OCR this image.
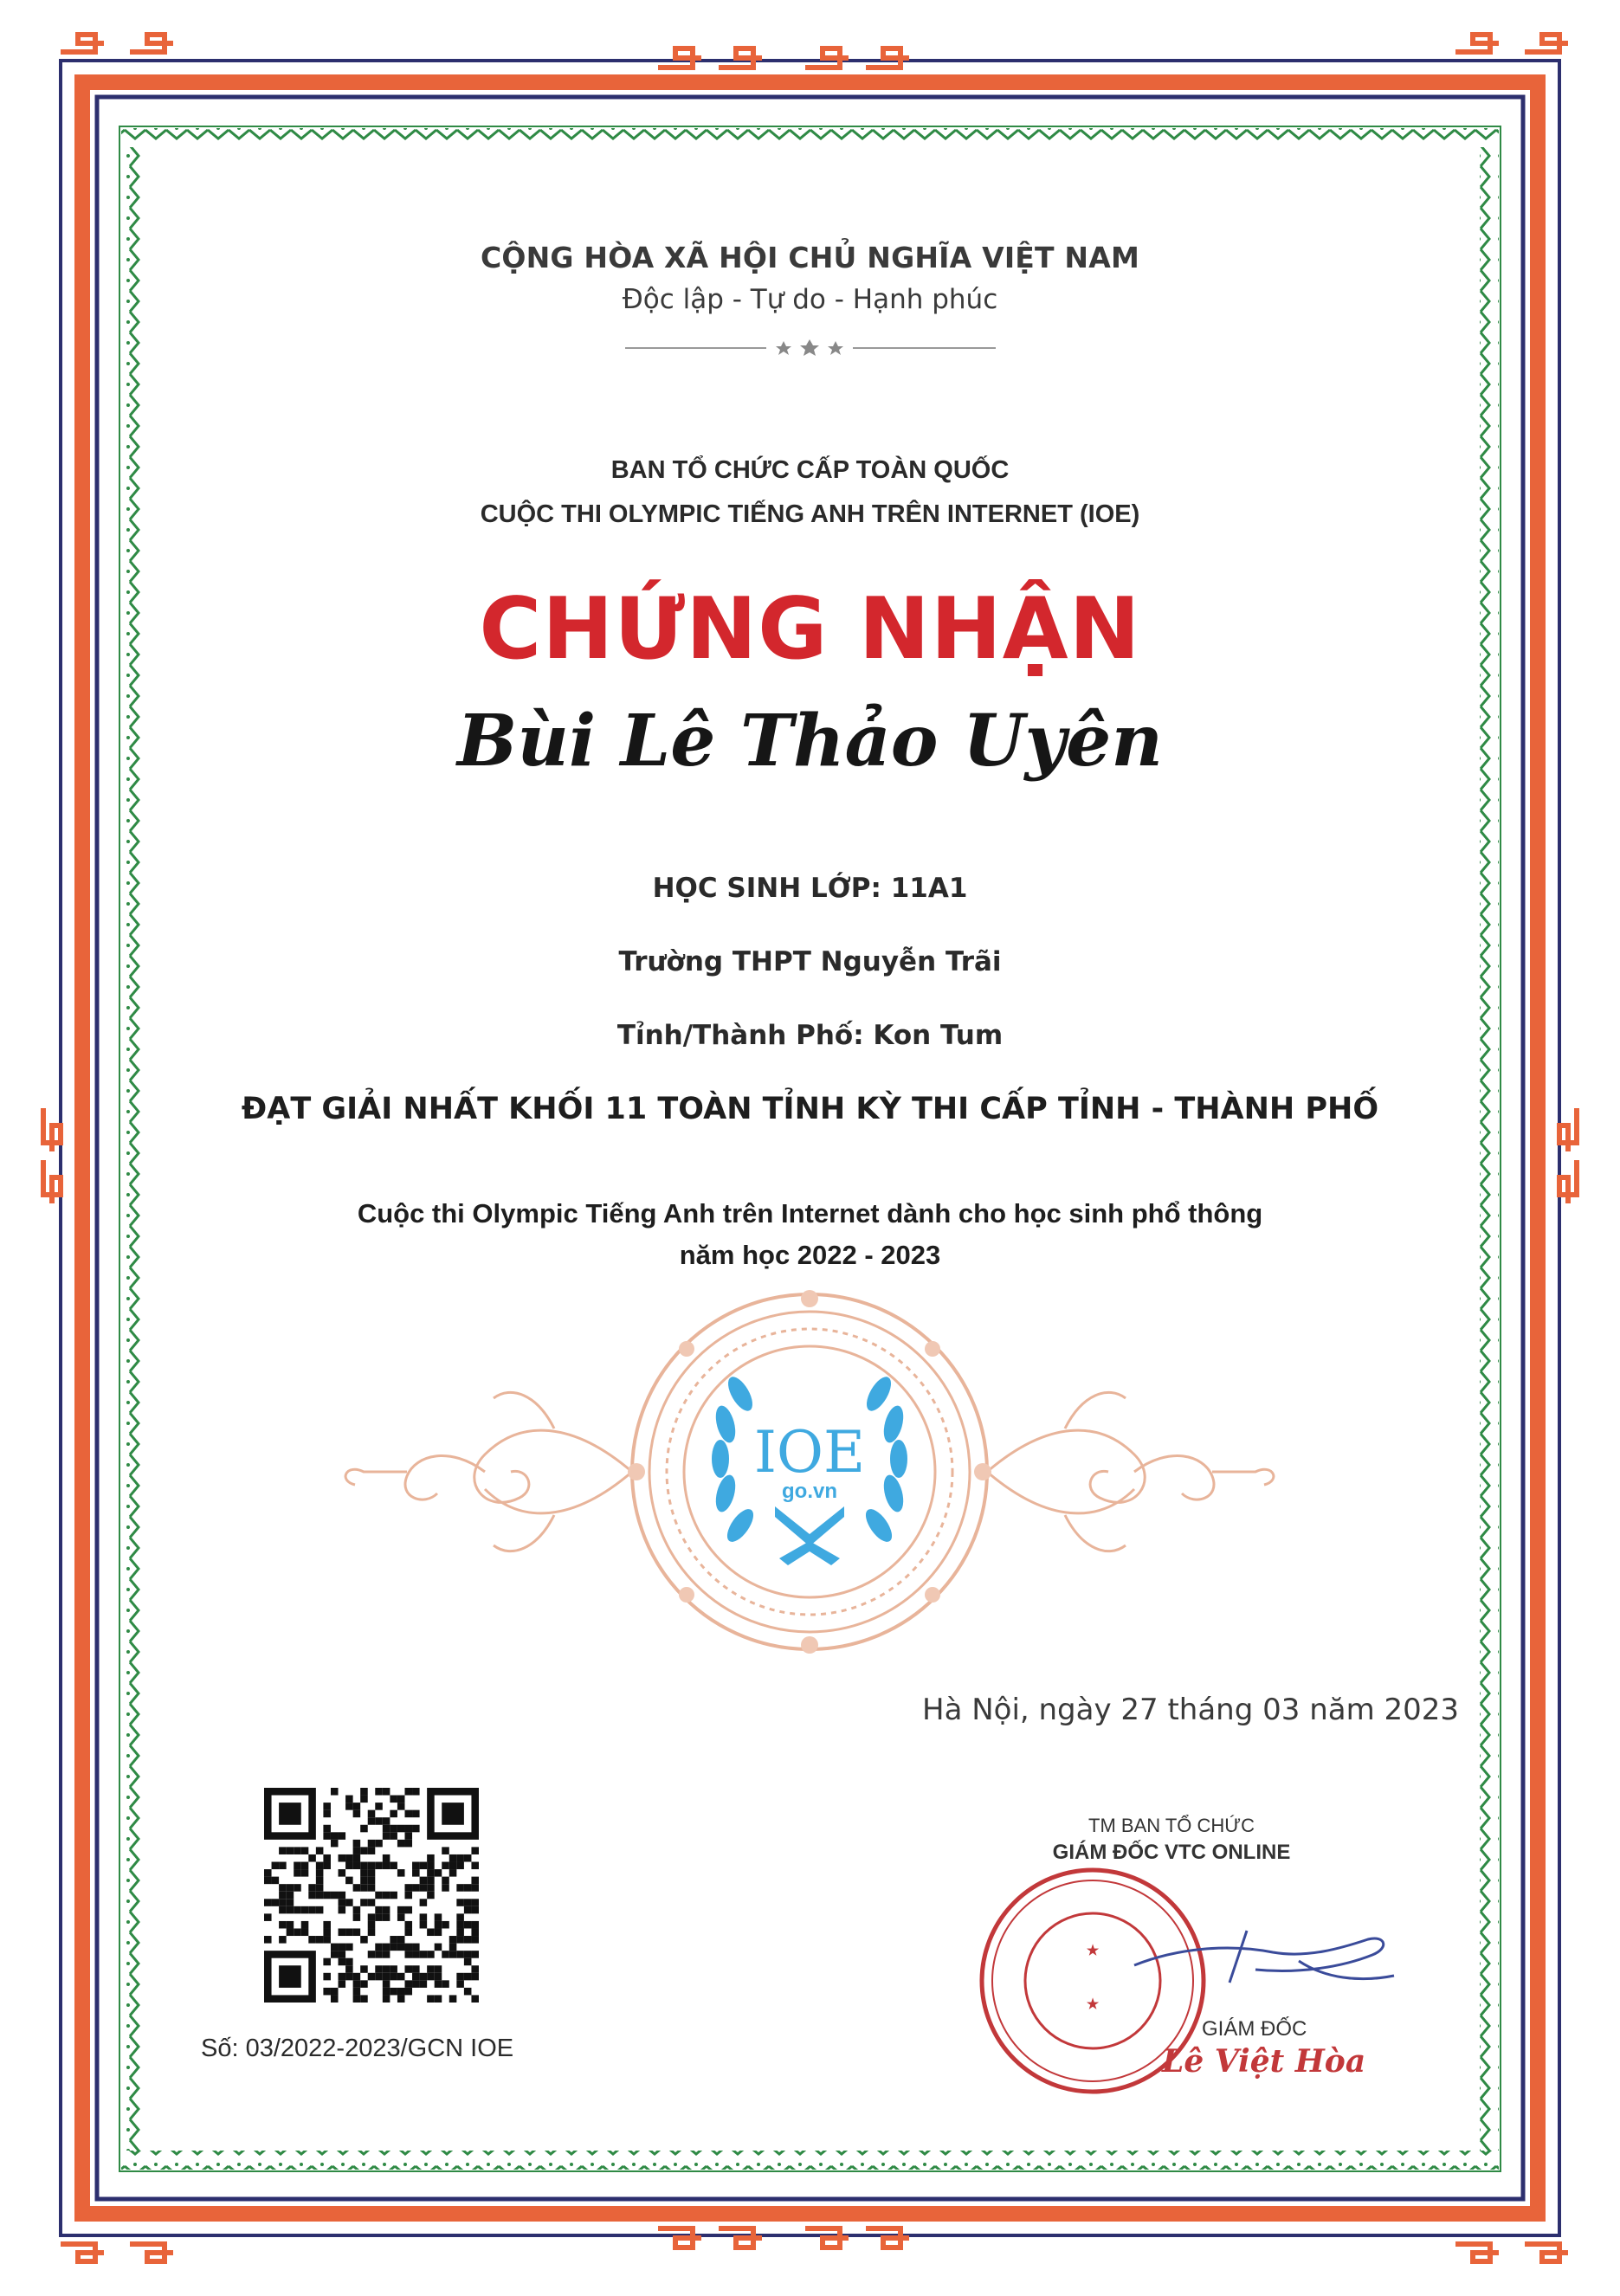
CỘNG HÒA XÃ HỘI CHỦ NGHĨA VIỆT NAM
Độc lập - Tự do - Hạnh phúc
BAN TỔ CHỨC CẤP TOÀN QUỐC
CUỘC THI OLYMPIC TIẾNG ANH TRÊN INTERNET (IOE)
CHỨNG NHẬN
Bùi Lê Thảo Uyên
HỌC SINH LỚP: 11A1
Trường THPT Nguyễn Trãi
Tỉnh/Thành Phố: Kon Tum
ĐẠT GIẢI NHẤT KHỐI 11 TOÀN TỈNH KỲ THI CẤP TỈNH - THÀNH PHỐ
Cuộc thi Olympic Tiếng Anh trên Internet dành cho học sinh phổ thông
năm học 2022 - 2023
IOE
go.vn
Hà Nội, ngày 27 tháng 03 năm 2023
Số: 03/2022-2023/GCN IOE
TM BAN TỔ CHỨC
GIÁM ĐỐC VTC ONLINE
★
★
GIÁM ĐỐC
Lê Việt Hòa
